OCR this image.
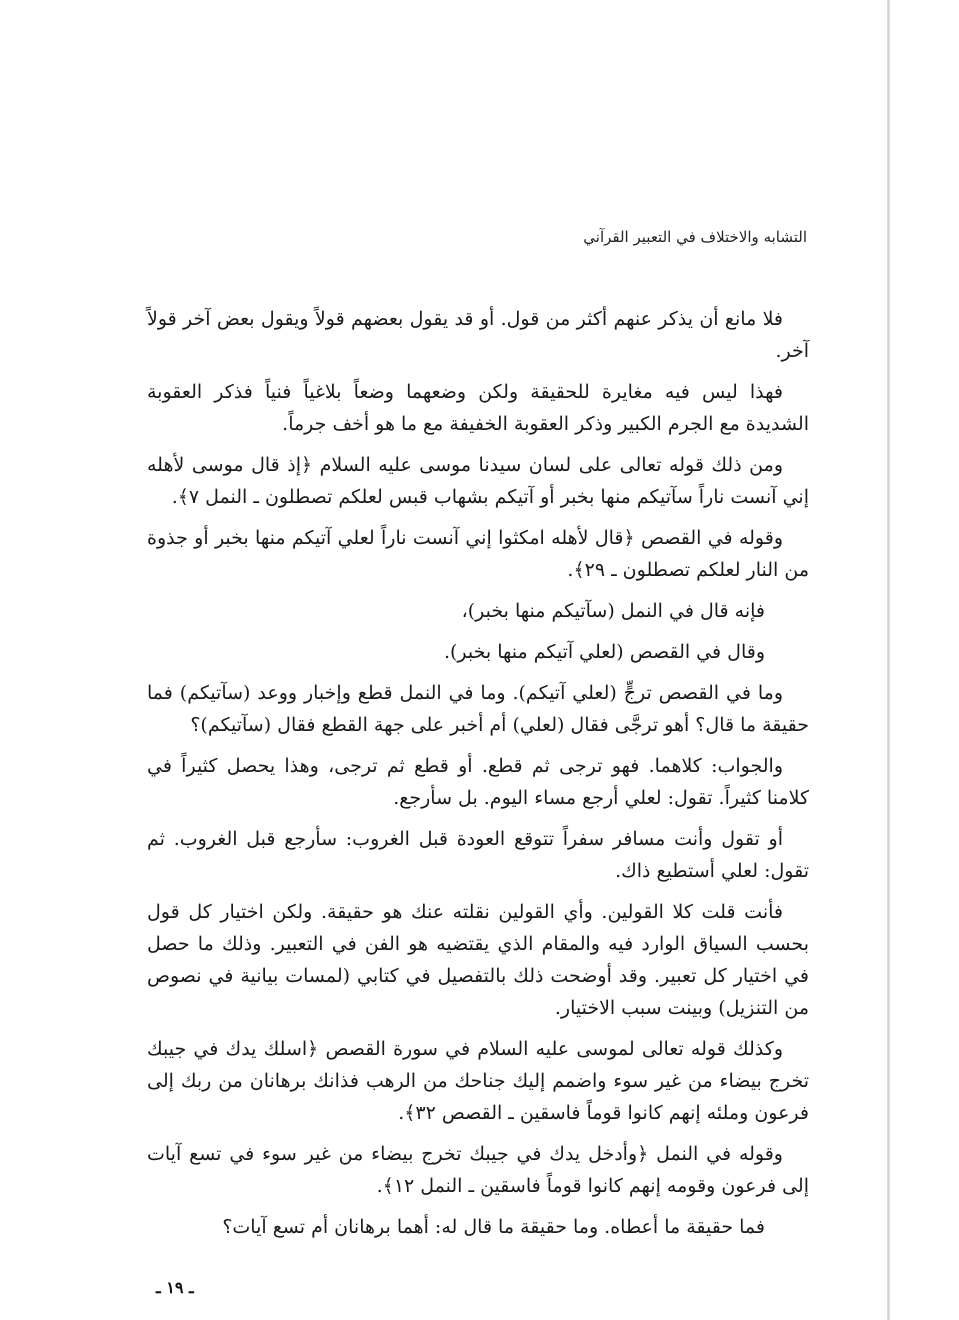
التشابه والاختلاف في التعبير القرآني

فلا مانع أن يذكر عنهم أكثر من قول. أو قد يقول بعضهم قولاً ويقول بعض آخر قولاً آخر.

فهذا ليس فيه مغايرة للحقيقة ولكن وضعهما وضعاً بلاغياً فنياً فذكر العقوبة الشديدة مع الجرم الكبير وذكر العقوبة الخفيفة مع ما هو أخف جرماً.

ومن ذلك قوله تعالى على لسان سيدنا موسى عليه السلام ﴿إذ قال موسى لأهله إني آنست ناراً سآتيكم منها بخبر أو آتيكم بشهاب قبس لعلكم تصطلون ـ النمل ٧﴾.

وقوله في القصص ﴿قال لأهله امكثوا إني آنست ناراً لعلي آتيكم منها بخبر أو جذوة من النار لعلكم تصطلون ـ ٢٩﴾.

فإنه قال في النمل (سآتيكم منها بخبر)،

وقال في القصص (لعلي آتيكم منها بخبر).

وما في القصص ترجٍّ (لعلي آتيكم). وما في النمل قطع وإخبار ووعد (سآتيكم) فما حقيقة ما قال؟ أهو ترجَّى فقال (لعلي) أم أخبر على جهة القطع فقال (سآتيكم)؟

والجواب: كلاهما. فهو ترجى ثم قطع. أو قطع ثم ترجى، وهذا يحصل كثيراً في كلامنا كثيراً. تقول: لعلي أرجع مساء اليوم. بل سأرجع.

أو تقول وأنت مسافر سفراً تتوقع العودة قبل الغروب: سأرجع قبل الغروب. ثم تقول: لعلي أستطيع ذاك.

فأنت قلت كلا القولين. وأي القولين نقلته عنك هو حقيقة. ولكن اختيار كل قول بحسب السياق الوارد فيه والمقام الذي يقتضيه هو الفن في التعبير. وذلك ما حصل في اختيار كل تعبير. وقد أوضحت ذلك بالتفصيل في كتابي (لمسات بيانية في نصوص من التنزيل) وبينت سبب الاختيار.

وكذلك قوله تعالى لموسى عليه السلام في سورة القصص ﴿اسلك يدك في جيبك تخرج بيضاء من غير سوء واضمم إليك جناحك من الرهب فذانك برهانان من ربك إلى فرعون وملئه إنهم كانوا قوماً فاسقين ـ القصص ٣٢﴾.

وقوله في النمل ﴿وأدخل يدك في جيبك تخرج بيضاء من غير سوء في تسع آيات إلى فرعون وقومه إنهم كانوا قوماً فاسقين ـ النمل ١٢﴾.

فما حقيقة ما أعطاه. وما حقيقة ما قال له: أهما برهانان أم تسع آيات؟

ـ ١٩ ـ
